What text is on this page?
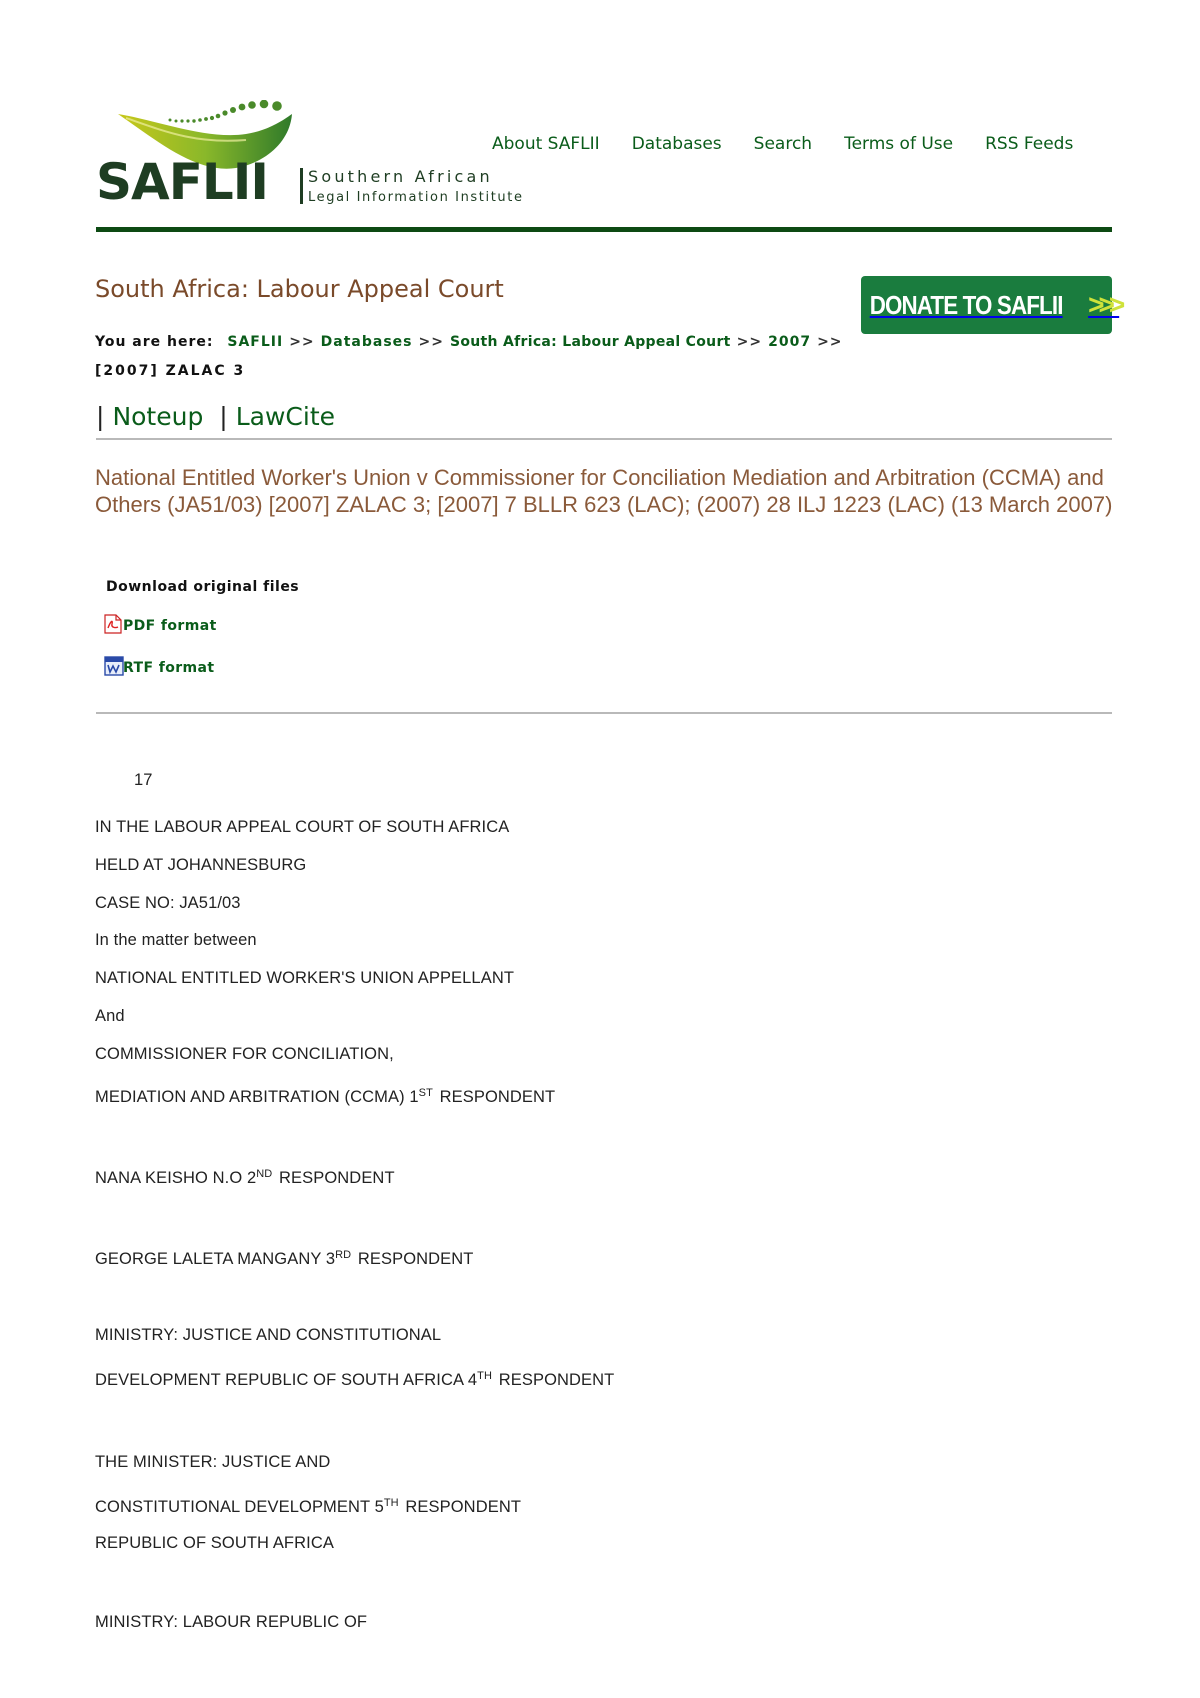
SAFLII	Southern African
Legal Information Institute
About SAFLII Databases Search Terms of Use RSS Feeds
South Africa: Labour Appeal Court
DONATE TO SAFLII >>>
You are here: SAFLII >> Databases >> South Africa: Labour Appeal Court >> 2007 >>[2007] ZALAC 3
| Noteup | LawCite
National Entitled Worker's Union v Commissioner for Conciliation Mediation and Arbitration (CCMA) and Others (JA51/03) [2007] ZALAC 3; [2007] 7 BLLR 623 (LAC); (2007) 28 ILJ 1223 (LAC) (13 March 2007)
Download original files
PDF format
RTF format
17
IN THE LABOUR APPEAL COURT OF SOUTH AFRICA
HELD AT JOHANNESBURG
CASE NO: JA51/03
In the matter between
NATIONAL ENTITLED WORKER'S UNION APPELLANT
And
COMMISSIONER FOR CONCILIATION,
MEDIATION AND ARBITRATION (CCMA) 1ST RESPONDENT
NANA KEISHO N.O 2ND RESPONDENT
GEORGE LALETA MANGANY 3RD RESPONDENT
MINISTRY: JUSTICE AND CONSTITUTIONAL
DEVELOPMENT REPUBLIC OF SOUTH AFRICA 4TH RESPONDENT
THE MINISTER: JUSTICE AND
CONSTITUTIONAL DEVELOPMENT 5TH RESPONDENT
REPUBLIC OF SOUTH AFRICA
MINISTRY: LABOUR REPUBLIC OF
